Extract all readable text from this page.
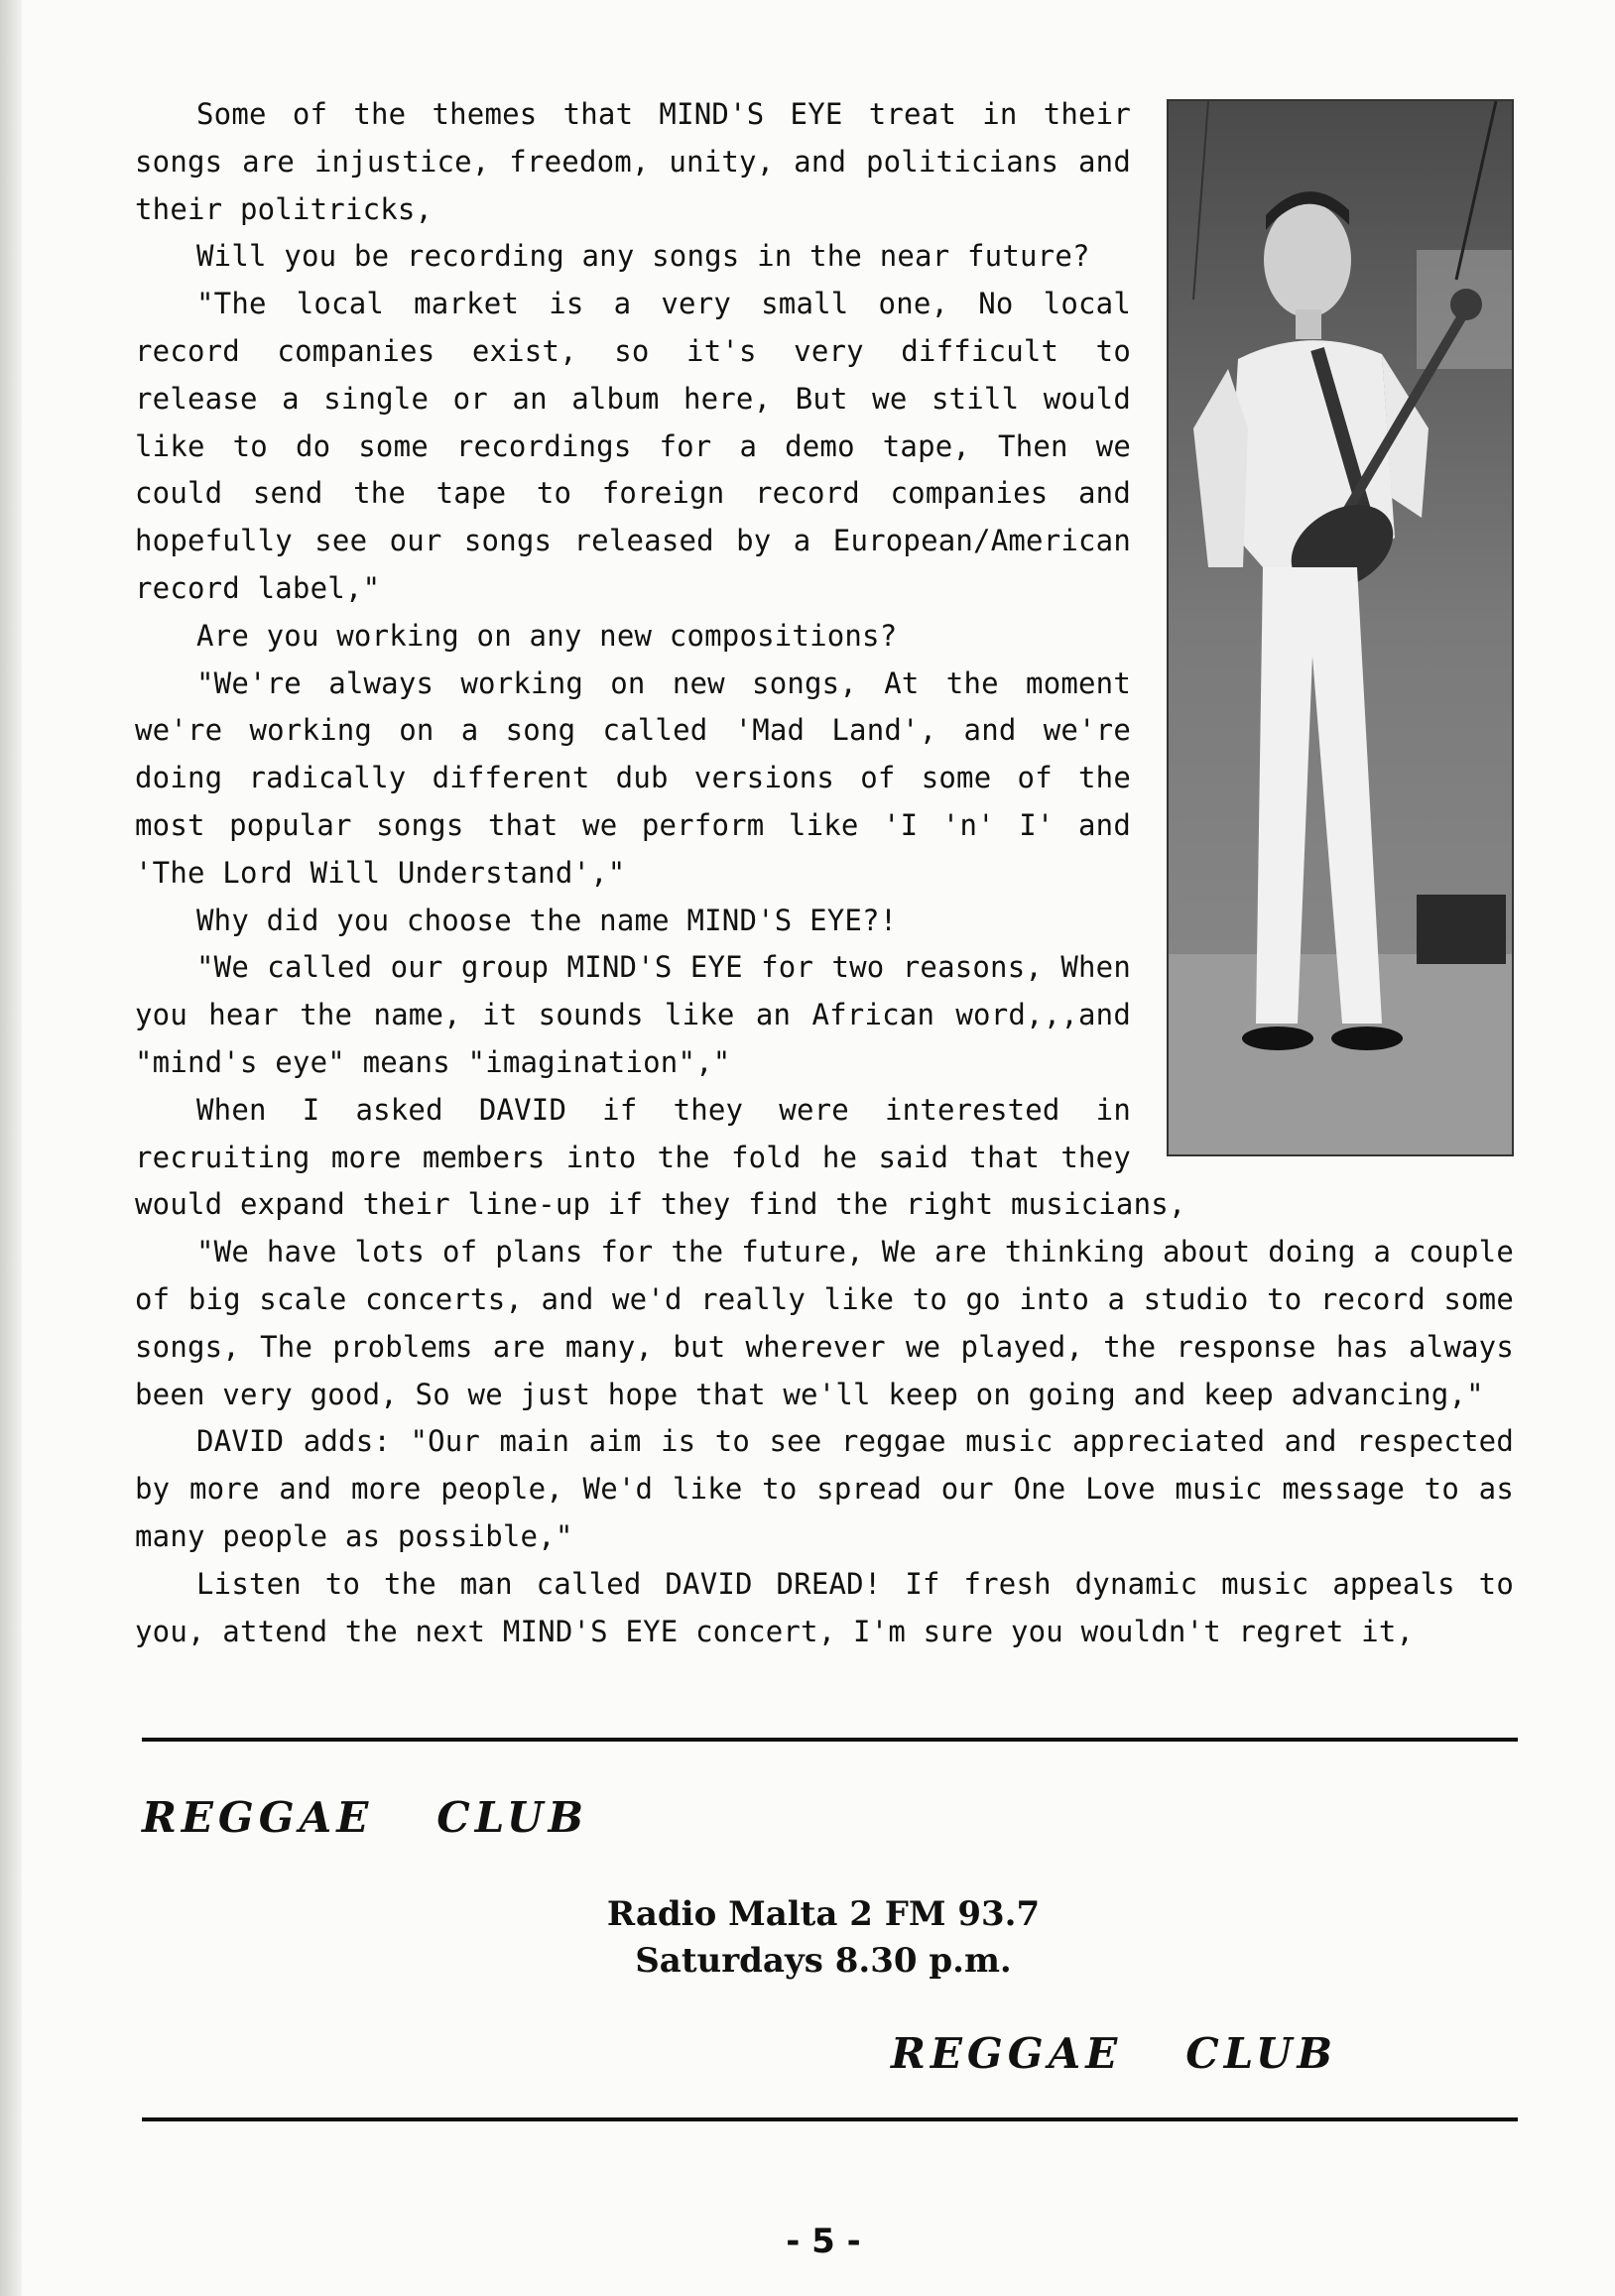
Some of the themes that MIND'S EYE treat in their songs are injustice, freedom, unity, and politicians and their politricks,

Will you be recording any songs in the near future?

"The local market is a very small one, No local record companies exist, so it's very difficult to release a single or an album here, But we still would like to do some recordings for a demo tape, Then we could send the tape to foreign record companies and hopefully see our songs released by a European/American record label,"

Are you working on any new compositions?

"We're always working on new songs, At the moment we're working on a song called 'Mad Land', and we're doing radically different dub versions of some of the most popular songs that we perform like 'I 'n' I' and 'The Lord Will Understand',"

Why did you choose the name MIND'S EYE?!

"We called our group MIND'S EYE for two reasons, When you hear the name, it sounds like an African word,,,and "mind's eye" means "imagination","

When I asked DAVID if they were interested in recruiting more members into the fold he said that they would expand their line-up if they find the right musicians,

"We have lots of plans for the future, We are thinking about doing a couple of big scale concerts, and we'd really like to go into a studio to record some songs, The problems are many, but wherever we played, the response has always been very good, So we just hope that we'll keep on going and keep advancing,"

DAVID adds: "Our main aim is to see reggae music appreciated and respected by more and more people, We'd like to spread our One Love music message to as many people as possible,"

Listen to the man called DAVID DREAD! If fresh dynamic music appeals to you, attend the next MIND'S EYE concert, I'm sure you wouldn't regret it,

REGGAE CLUB
Radio Malta 2 FM 93.7
Saturdays 8.30 p.m.
REGGAE CLUB
- 5 -
